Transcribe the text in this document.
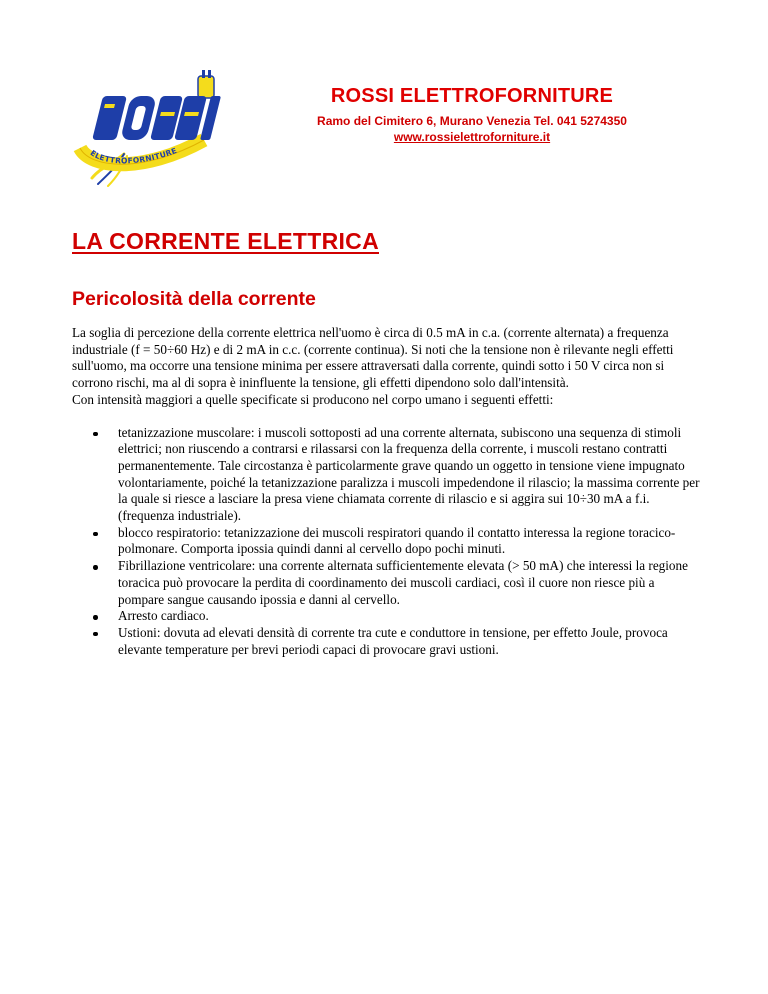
ELETTROFORNITURE
ROSSI ELETTROFORNITURE
Ramo del Cimitero 6, Murano Venezia Tel. 041 5274350
www.rossielettroforniture.it
LA CORRENTE ELETTRICA
Pericolosità della corrente

La soglia di percezione della corrente elettrica nell'uomo è circa di 0.5 mA in c.a. (corrente alternata) a frequenza industriale (f = 50÷60 Hz) e di 2 mA in c.c. (corrente continua). Si noti che la tensione non è rilevante negli effetti sull'uomo, ma occorre una tensione minima per essere attraversati dalla corrente, quindi sotto i 50 V circa non si corrono rischi, ma al di sopra è ininfluente la tensione, gli effetti dipendono solo dall'intensità.

Con intensità maggiori a quelle specificate si producono nel corpo umano i seguenti effetti:

tetanizzazione muscolare: i muscoli sottoposti ad una corrente alternata, subiscono una sequenza di stimoli elettrici; non riuscendo a contrarsi e rilassarsi con la frequenza della corrente, i muscoli restano contratti permanentemente. Tale circostanza è particolarmente grave quando un oggetto in tensione viene impugnato volontariamente, poiché la tetanizzazione paralizza i muscoli impedendone il rilascio; la massima corrente per la quale si riesce a lasciare la presa viene chiamata corrente di rilascio e si aggira sui 10÷30 mA a f.i. (frequenza industriale).
blocco respiratorio: tetanizzazione dei muscoli respiratori quando il contatto interessa la regione toracico-polmonare. Comporta ipossia quindi danni al cervello dopo pochi minuti.
Fibrillazione ventricolare: una corrente alternata sufficientemente elevata (> 50 mA) che interessi la regione toracica può provocare la perdita di coordinamento dei muscoli cardiaci, così il cuore non riesce più a pompare sangue causando ipossia e danni al cervello.
Arresto cardiaco.
Ustioni: dovuta ad elevati densità di corrente tra cute e conduttore in tensione, per effetto Joule, provoca elevante temperature per brevi periodi capaci di provocare gravi ustioni.
